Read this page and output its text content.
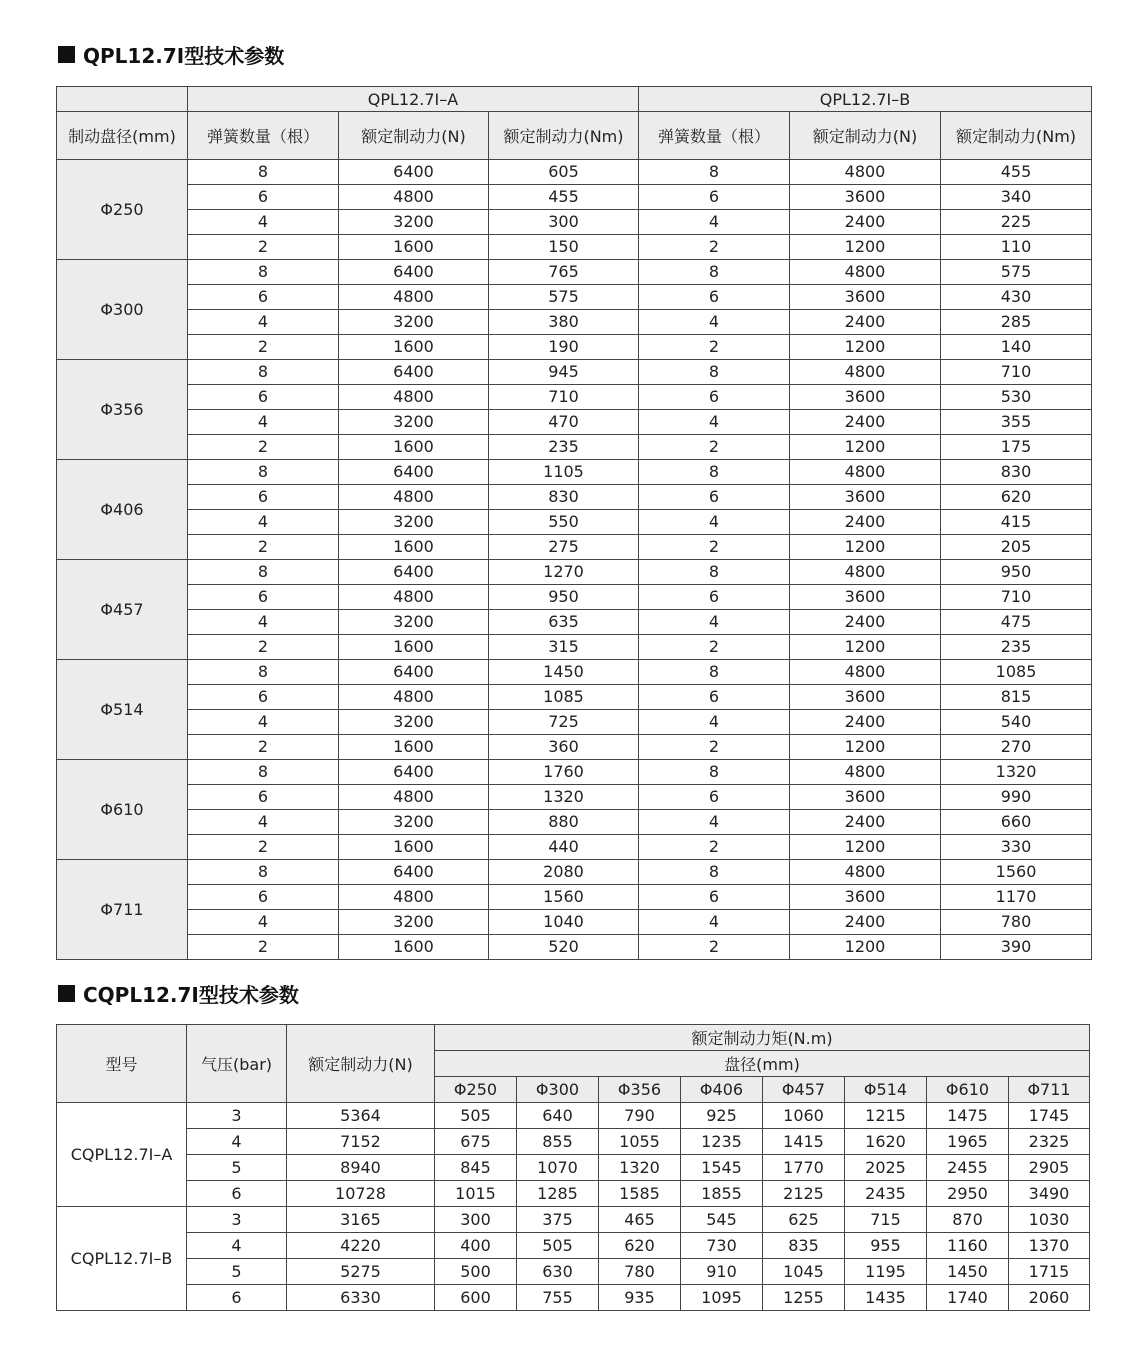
QPL12.7Ⅰ型技术参数
	QPL12.7Ⅰ–A			QPL12.7Ⅰ–B		
制动盘径(mm)	弹簧数量（根）	额定制动力(N)	额定制动力(Nm)	弹簧数量（根）	额定制动力(N)	额定制动力(Nm)
Φ250	8	6400	605	8	4800	455
	6	4800	455	6	3600	340
	4	3200	300	4	2400	225
	2	1600	150	2	1200	110
Φ300	8	6400	765	8	4800	575
	6	4800	575	6	3600	430
	4	3200	380	4	2400	285
	2	1600	190	2	1200	140
Φ356	8	6400	945	8	4800	710
	6	4800	710	6	3600	530
	4	3200	470	4	2400	355
	2	1600	235	2	1200	175
Φ406	8	6400	1105	8	4800	830
	6	4800	830	6	3600	620
	4	3200	550	4	2400	415
	2	1600	275	2	1200	205
Φ457	8	6400	1270	8	4800	950
	6	4800	950	6	3600	710
	4	3200	635	4	2400	475
	2	1600	315	2	1200	235
Φ514	8	6400	1450	8	4800	1085
	6	4800	1085	6	3600	815
	4	3200	725	4	2400	540
	2	1600	360	2	1200	270
Φ610	8	6400	1760	8	4800	1320
	6	4800	1320	6	3600	990
	4	3200	880	4	2400	660
	2	1600	440	2	1200	330
Φ711	8	6400	2080	8	4800	1560
	6	4800	1560	6	3600	1170
	4	3200	1040	4	2400	780
	2	1600	520	2	1200	390
CQPL12.7Ⅰ型技术参数
型号	气压(bar)	额定制动力(N)	额定制动力矩(N.m)							
			盘径(mm)							
			Φ250	Φ300	Φ356	Φ406	Φ457	Φ514	Φ610	Φ711
CQPL12.7Ⅰ–A	3	5364	505	640	790	925	1060	1215	1475	1745
	4	7152	675	855	1055	1235	1415	1620	1965	2325
	5	8940	845	1070	1320	1545	1770	2025	2455	2905
	6	10728	1015	1285	1585	1855	2125	2435	2950	3490
CQPL12.7Ⅰ–B	3	3165	300	375	465	545	625	715	870	1030
	4	4220	400	505	620	730	835	955	1160	1370
	5	5275	500	630	780	910	1045	1195	1450	1715
	6	6330	600	755	935	1095	1255	1435	1740	2060
